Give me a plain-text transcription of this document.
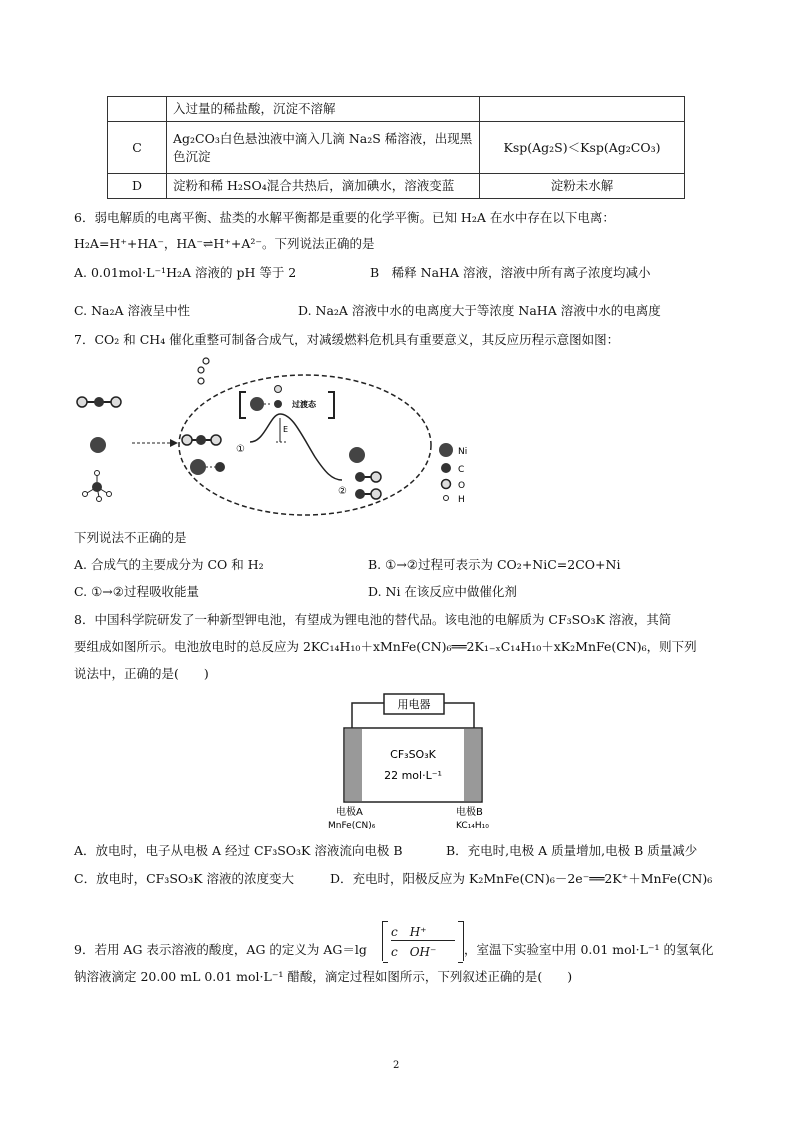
	入过量的稀盐酸，沉淀不溶解	
C	Ag₂CO₃白色悬浊液中滴入几滴 Na₂S 稀溶液，出现黑色沉淀	Ksp(Ag₂S)＜Ksp(Ag₂CO₃)
D	淀粉和稀 H₂SO₄混合共热后，滴加碘水，溶液变蓝	淀粉未水解
6．弱电解质的电离平衡、盐类的水解平衡都是重要的化学平衡。已知 H₂A 在水中存在以下电离：
H₂A=H⁺+HA⁻，HA⁻⇌H⁺+A²⁻。下列说法正确的是
A. 0.01mol·L⁻¹H₂A 溶液的 pH 等于 2	B　稀释 NaHA 溶液，溶液中所有离子浓度均减小
C. Na₂A 溶液呈中性	D. Na₂A 溶液中水的电离度大于等浓度 NaHA 溶液中水的电离度
7．CO₂ 和 CH₄ 催化重整可制备合成气，对减缓燃料危机具有重要意义，其反应历程示意图如图：
过渡态
E
①
②
Ni
C
O
H
下列说法不正确的是
A. 合成气的主要成分为 CO 和 H₂	B. ①→②过程可表示为 CO₂+NiC=2CO+Ni
C. ①→②过程吸收能量	D. Ni 在该反应中做催化剂
8．中国科学院研发了一种新型钾电池，有望成为锂电池的替代品。该电池的电解质为 CF₃SO₃K 溶液，其简
要组成如图所示。电池放电时的总反应为 2KC₁₄H₁₀＋xMnFe(CN)₆══2K₁₋ₓC₁₄H₁₀＋xK₂MnFe(CN)₆，则下列
说法中，正确的是(　　)
用电器
CF₃SO₃K
22 mol·L⁻¹
电极A
MnFe(CN)₆
电极B
KC₁₄H₁₀
A．放电时，电子从电极 A 经过 CF₃SO₃K 溶液流向电极 B	B．充电时,电极 A 质量增加,电极 B 质量减少
C．放电时，CF₃SO₃K 溶液的浓度变大	D．充电时，阳极反应为 K₂MnFe(CN)₆－2e⁻══2K⁺＋MnFe(CN)₆
9．若用 AG 表示溶液的酸度，AG 的定义为 AG＝lg
c　H⁺
c　OH⁻ ，室温下实验室中用 0.01 mol·L⁻¹ 的氢氧化
钠溶液滴定 20.00 mL 0.01 mol·L⁻¹ 醋酸，滴定过程如图所示，下列叙述正确的是(　　)
2
